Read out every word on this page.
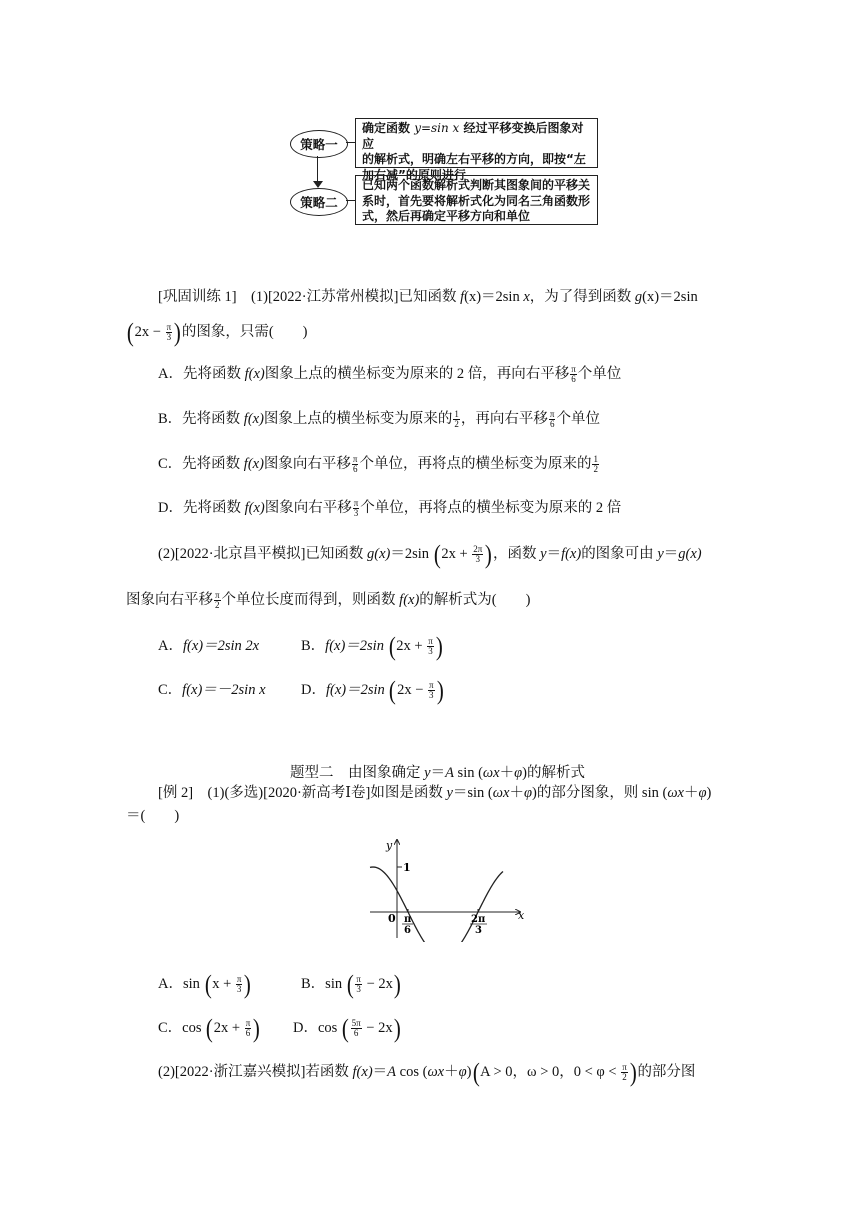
策略一
确定函数 y=sin x 经过平移变换后图象对应
的解析式，明确左右平移的方向，即按“左
加右减”的原则进行
策略二
已知两个函数解析式判断其图象间的平移关
系时，首先要将解析式化为同名三角函数形
式，然后再确定平移方向和单位
[巩固训练 1] (1)[2022·江苏常州模拟]已知函数 f(x)＝2sin x，为了得到函数 g(x)＝2sin
($2x - \frac{\pi}{3}$ )的图象，只需(　　)
A．先将函数 f(x)图象上点的横坐标变为原来的 2 倍，再向右平移 $\frac{\pi}{6}$ 个单位
B．先将函数 f(x)图象上点的横坐标变为原来的 $\frac{1}{2}$ ，再向右平移 $\frac{\pi}{6}$ 个单位
C．先将函数 f(x)图象向右平移 $\frac{\pi}{6}$ 个单位，再将点的横坐标变为原来的 $\frac{1}{2}$
D．先将函数 f(x)图象向右平移 $\frac{\pi}{3}$ 个单位，再将点的横坐标变为原来的 2 倍
(2)[2022·北京昌平模拟]已知函数 g(x)＝2sin ($2x + \frac{2\pi}{3}$ )，函数 y＝f(x)的图象可由 y＝g(x)
图象向右平移 $\frac{\pi}{2}$ 个单位长度而得到，则函数 f(x)的解析式为(　　)
A．f(x)＝2sin 2x	B．f(x)＝2sin ($2x + \frac{\pi}{3}$ )
C．f(x)＝－2sin x D．f(x)＝2sin ($2x - \frac{\pi}{3}$ )
题型二　由图象确定 y＝A sin (ωx＋φ)的解析式
[例 2] (1)(多选)[2020·新高考Ⅰ卷]如图是函数 y＝sin (ωx＋φ)的部分图象，则 sin (ωx＋φ)
＝(　　)
y
x
0
1
π
6
2π
3
A．$\sin (x + \frac{\pi}{3}$ )	B．sin ( $\frac{\pi}{3} - 2x$)
C．$\cos (2x + \frac{\pi}{6}$ ) D．cos ( $\frac{5\pi}{6} - 2x$)
(2)[2022·浙江嘉兴模拟]若函数 f(x)＝A cos (ωx＋φ)(A > 0，ω > 0，$0 < \varphi < \frac{\pi}{2}$ )的部分图
